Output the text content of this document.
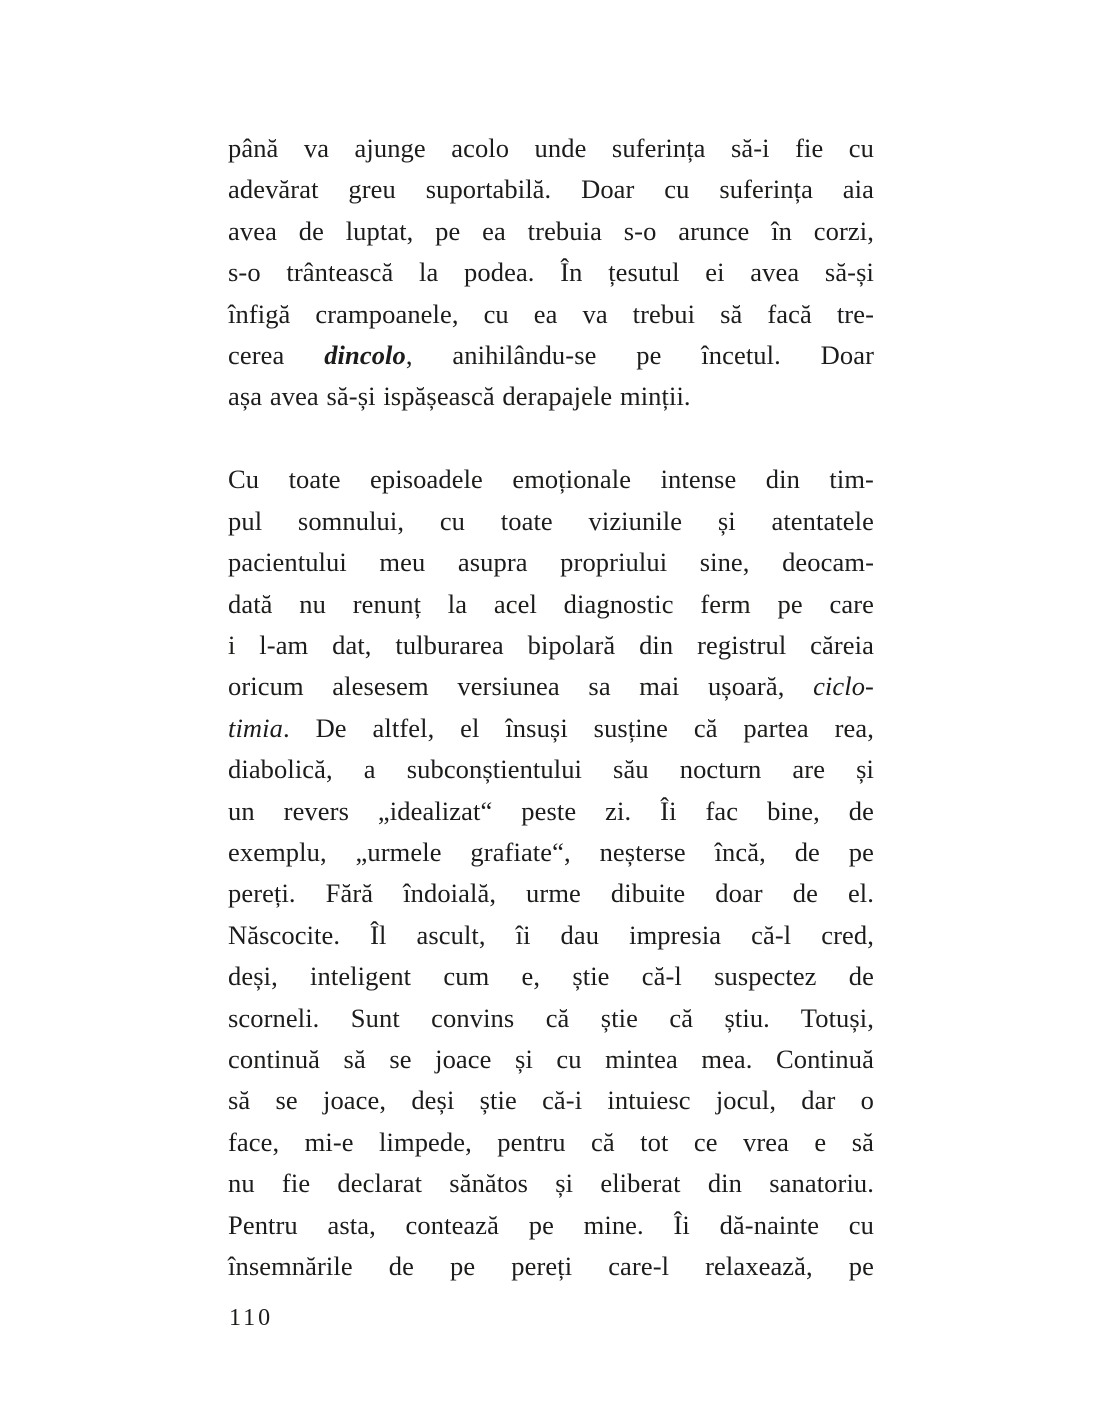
până va ajunge acolo unde suferința să-i fie cu
adevărat greu suportabilă. Doar cu suferința aia
avea de luptat, pe ea trebuia s-o arunce în corzi,
s-o trântească la podea. În țesutul ei avea să-și
înfigă crampoanele, cu ea va trebui să facă tre-
cerea dincolo, anihilându-se pe încetul. Doar
așa avea să-și ispășească derapajele minții.
Cu toate episoadele emoționale intense din tim-
pul somnului, cu toate viziunile și atentatele
pacientului meu asupra propriului sine, deocam-
dată nu renunț la acel diagnostic ferm pe care
i l-am dat, tulburarea bipolară din registrul căreia
oricum alesesem versiunea sa mai ușoară, ciclo-
timia. De altfel, el însuși susține că partea rea,
diabolică, a subconștientului său nocturn are și
un revers „idealizat“ peste zi. Îi fac bine, de
exemplu, „urmele grafiate“, neșterse încă, de pe
pereți. Fără îndoială, urme dibuite doar de el.
Născocite. Îl ascult, îi dau impresia că-l cred,
deși, inteligent cum e, știe că-l suspectez de
scorneli. Sunt convins că știe că știu. Totuși,
continuă să se joace și cu mintea mea. Continuă
să se joace, deși știe că-i intuiesc jocul, dar o
face, mi-e limpede, pentru că tot ce vrea e să
nu fie declarat sănătos și eliberat din sanatoriu.
Pentru asta, contează pe mine. Îi dă-nainte cu
însemnările de pe pereți care-l relaxează, pe
110
